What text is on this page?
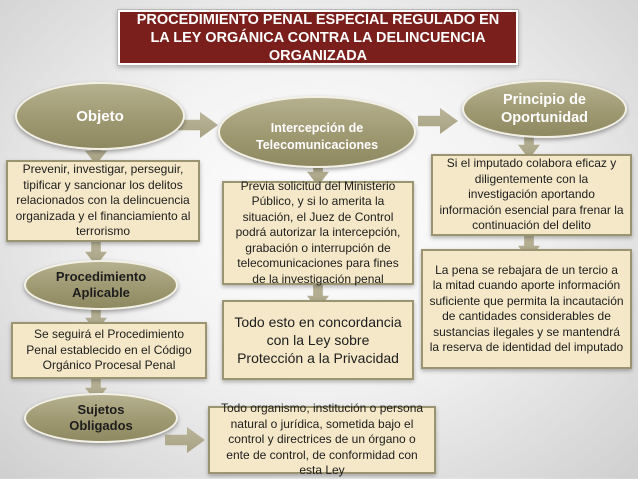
PROCEDIMIENTO PENAL ESPECIAL REGULADO EN LA LEY ORGÁNICA CONTRA LA DELINCUENCIA ORGANIZADA
Objeto
Intercepción de Telecomunicaciones
Principio de Oportunidad
Procedimiento Aplicable
Sujetos Obligados
Prevenir, investigar, perseguir, tipificar y sancionar los delitos relacionados con la delincuencia organizada y el financiamiento al terrorismo
Se seguirá el Procedimiento Penal establecido en el Código Orgánico Procesal Penal
Todo organismo, institución o persona natural o jurídica, sometida bajo el control y directrices de un órgano o ente de control, de conformidad con esta Ley
Previa solicitud del Ministerio Público, y si lo amerita la situación, el Juez de Control podrá autorizar la intercepción, grabación o interrupción de telecomunicaciones para fines de la investigación penal
Todo esto en concordancia con la Ley sobre Protección a la Privacidad
Si el imputado colabora eficaz y diligentemente con la investigación aportando información esencial para frenar la continuación del delito
La pena se rebajara de un tercio a la mitad cuando aporte información suficiente que permita la incautación de cantidades considerables de sustancias ilegales y se mantendrá la reserva de identidad del imputado
